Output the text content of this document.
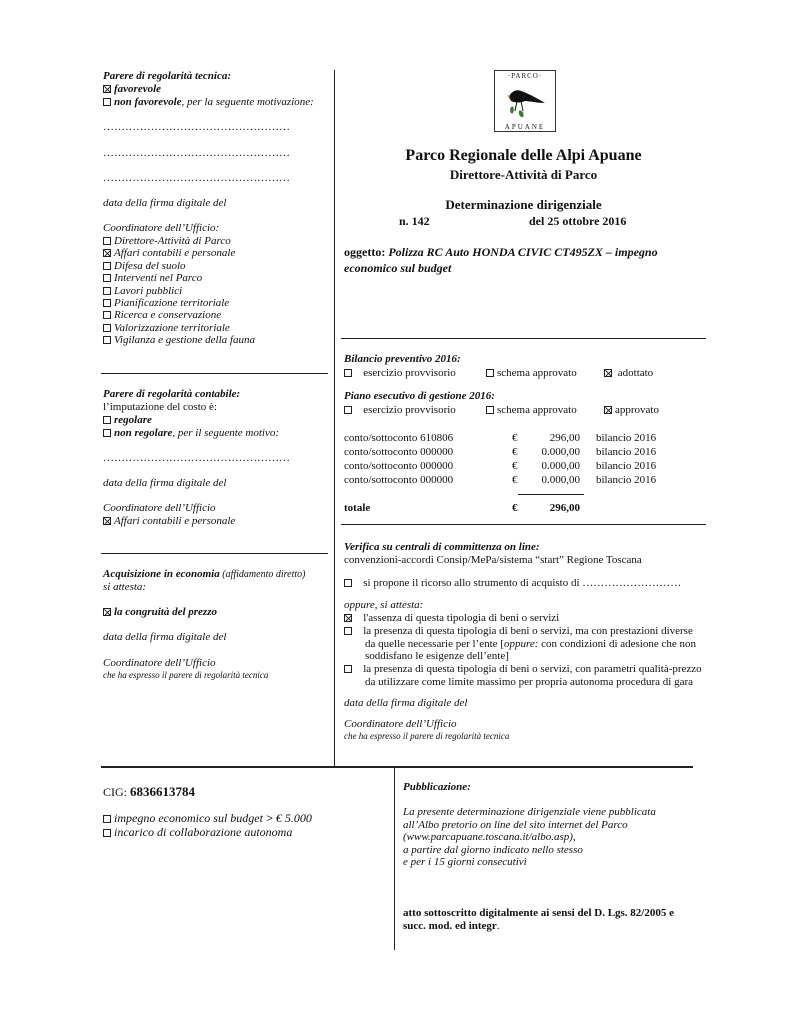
Parere di regolarità tecnica:
favorevole
non favorevole, per la seguente motivazione:
……………………………………………
……………………………………………
……………………………………………
data della firma digitale del
Coordinatore dell’Ufficio:
Direttore-Attività di Parco
Affari contabili e personale
Difesa del suolo
Interventi nel Parco
Lavori pubblici
Pianificazione territoriale
Ricerca e conservazione
Valorizzazione territoriale
Vigilanza e gestione della fauna
Parere di regolarità contabile:
l’imputazione del costo è:
regolare
non regolare, per il seguente motivo:
……………………………………………
data della firma digitale del
Coordinatore dell’Ufficio
Affari contabili e personale
Acquisizione in economia (affidamento diretto)
si attesta:
la congruità del prezzo
data della firma digitale del
Coordinatore dell’Ufficio
che ha espresso il parere di regolarità tecnica
·PARCO·
APUANE
Parco Regionale delle Alpi Apuane
Direttore-Attività di Parco
Determinazione dirigenziale
n. 142	del 25 ottobre 2016
oggetto: Polizza RC Auto HONDA CIVIC CT495ZX – impegno
economico sul budget
Bilancio preventivo 2016:
esercizio provvisorio	schema approvato	adottato
Piano esecutivo di gestione 2016:
esercizio provvisorio	schema approvato	approvato
conto/sottoconto 610806	€	296,00 bilancio 2016
conto/sottoconto 000000	€	0.000,00 bilancio 2016
conto/sottoconto 000000	€	0.000,00 bilancio 2016
conto/sottoconto 000000	€	0.000,00 bilancio 2016
totale	€	296,00
Verifica su centrali di committenza on line:
convenzioni-accordi Consip/MePa/sistema “start” Regione Toscana
si propone il ricorso allo strumento di acquisto di ………………………
oppure, si attesta:
l'assenza di questa tipologia di beni o servizi
la presenza di questa tipologia di beni o servizi, ma con prestazioni diverse
da quelle necessarie per l’ente [oppure: con condizioni di adesione che non
soddisfano le esigenze dell’ente]
la presenza di questa tipologia di beni o servizi, con parametri qualità-prezzo
da utilizzare come limite massimo per propria autonoma procedura di gara
data della firma digitale del
Coordinatore dell’Ufficio
che ha espresso il parere di regolarità tecnica
CIG: 6836613784
impegno economico sul budget > € 5.000
incarico di collaborazione autonoma
Pubblicazione:
La presente determinazione dirigenziale viene pubblicata
all’Albo pretorio on line del sito internet del Parco
(www.parcapuane.toscana.it/albo.asp),
a partire dal giorno indicato nello stesso
e per i 15 giorni consecutivi
atto sottoscritto digitalmente ai sensi del D. Lgs. 82/2005 e
succ. mod. ed integr.
